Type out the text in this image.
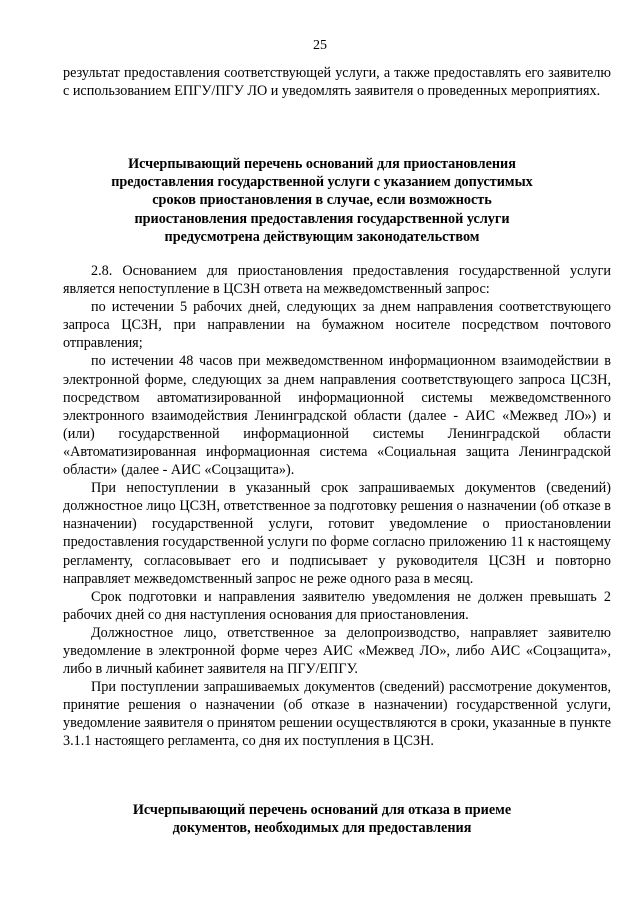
25

результат предоставления соответствующей услуги, а также предоставлять его заявителю с использованием ЕПГУ/ПГУ ЛО и уведомлять заявителя о проведенных мероприятиях.

Исчерпывающий перечень оснований для приостановления
предоставления государственной услуги с указанием допустимых
сроков приостановления в случае, если возможность
приостановления предоставления государственной услуги
предусмотрена действующим законодательством

2.8. Основанием для приостановления предоставления государственной услуги является непоступление в ЦСЗН ответа на межведомственный запрос:

по истечении 5 рабочих дней, следующих за днем направления соответствующего запроса ЦСЗН, при направлении на бумажном носителе посредством почтового отправления;

по истечении 48 часов при межведомственном информационном взаимодействии в электронной форме, следующих за днем направления соответствующего запроса ЦСЗН, посредством автоматизированной информационной системы межведомственного электронного взаимодействия Ленинградской области (далее - АИС «Межвед ЛО») и (или) государственной информационной системы Ленинградской области «Автоматизированная информационная система «Социальная защита Ленинградской области» (далее - АИС «Соцзащита»).

При непоступлении в указанный срок запрашиваемых документов (сведений) должностное лицо ЦСЗН, ответственное за подготовку решения о назначении (об отказе в назначении) государственной услуги, готовит уведомление о приостановлении предоставления государственной услуги по форме согласно приложению 11 к настоящему регламенту, согласовывает его и подписывает у руководителя ЦСЗН и повторно направляет межведомственный запрос не реже одного раза в месяц.

Срок подготовки и направления заявителю уведомления не должен превышать 2 рабочих дней со дня наступления основания для приостановления.

Должностное лицо, ответственное за делопроизводство, направляет заявителю уведомление в электронной форме через АИС «Межвед ЛО», либо АИС «Соцзащита», либо в личный кабинет заявителя на ПГУ/ЕПГУ.

При поступлении запрашиваемых документов (сведений) рассмотрение документов, принятие решения о назначении (об отказе в назначении) государственной услуги, уведомление заявителя о принятом решении осуществляются в сроки, указанные в пункте 3.1.1 настоящего регламента, со дня их поступления в ЦСЗН.

Исчерпывающий перечень оснований для отказа в приеме
документов, необходимых для предоставления
